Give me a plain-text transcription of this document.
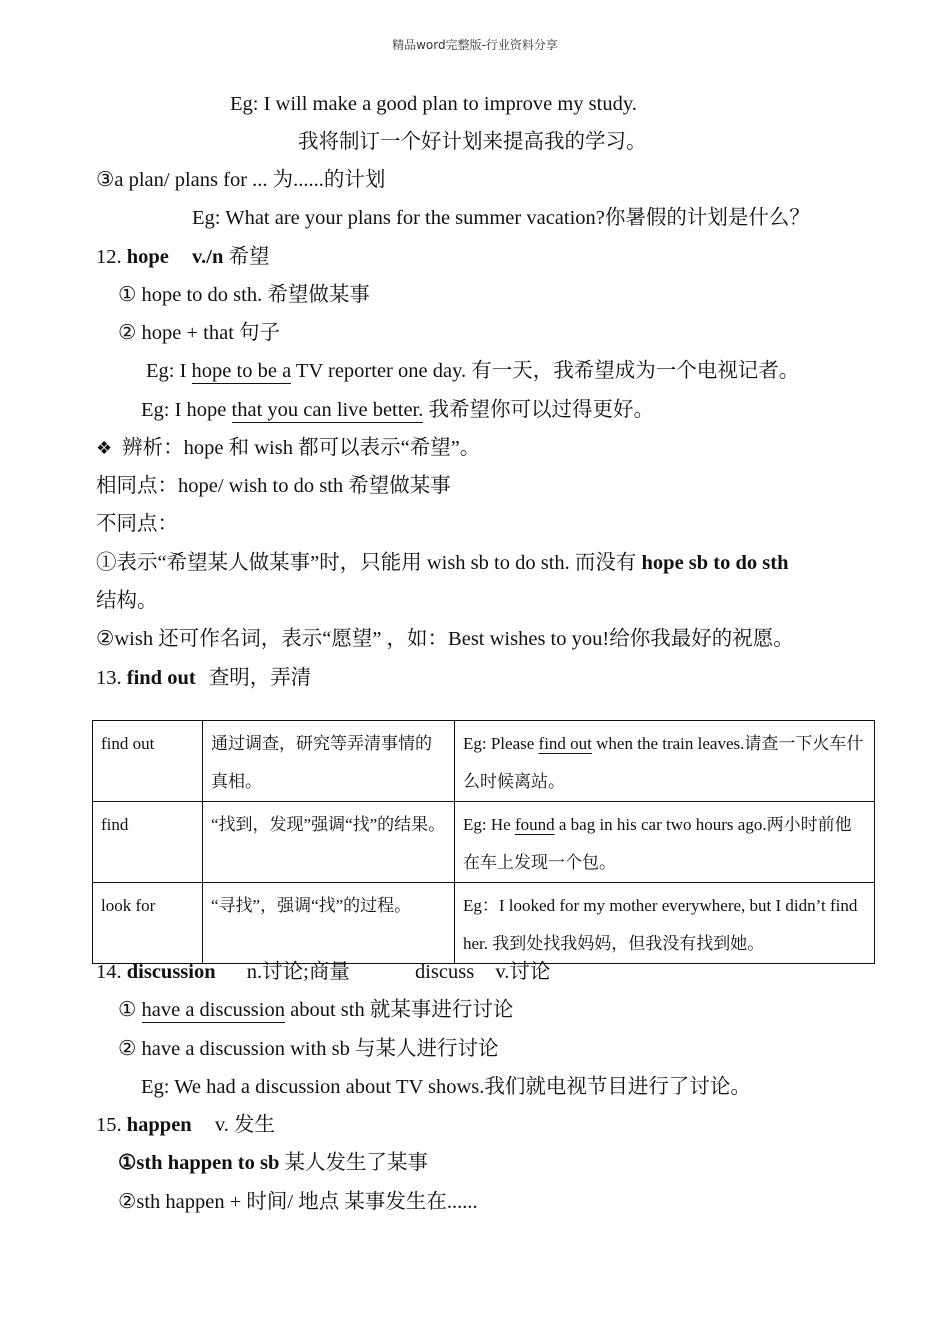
精品word完整版-行业资料分享
Eg: I will make a good plan to improve my study.
我将制订一个好计划来提高我的学习。
③a plan/ plans for ... 为......的计划
Eg: What are your plans for the summer vacation?你暑假的计划是什么？
12. hope v./n 希望
① hope to do sth. 希望做某事
② hope + that 句子
Eg: I hope to be a TV reporter one day. 有一天，我希望成为一个电视记者。
Eg: I hope that you can live better. 我希望你可以过得更好。
❖ 辨析：hope 和 wish 都可以表示“希望”。
相同点：hope/ wish to do sth 希望做某事
不同点：
①表示“希望某人做某事”时，只能用 wish sb to do sth. 而没有 hope sb to do sth
结构。
②wish 还可作名词，表示“愿望” ，如：Best wishes to you!给你我最好的祝愿。
13. find out 查明，弄清
find out	通过调查，研究等弄清事情的真相。	Eg: Please find out when the train leaves.请查一下火车什么时候离站。
find	“找到，发现”强调“找”的结果。	Eg: He found a bag in his car two hours ago.两小时前他在车上发现一个包。
look for	“寻找”，强调“找”的过程。	Eg：I looked for my mother everywhere, but I didn’t find her. 我到处找我妈妈，但我没有找到她。
14. discussion n.讨论;商量	discuss v.讨论
① have a discussion about sth 就某事进行讨论
② have a discussion with sb 与某人进行讨论
Eg: We had a discussion about TV shows.我们就电视节目进行了讨论。
15. happen v. 发生
①sth happen to sb 某人发生了某事
②sth happen + 时间/ 地点 某事发生在......
